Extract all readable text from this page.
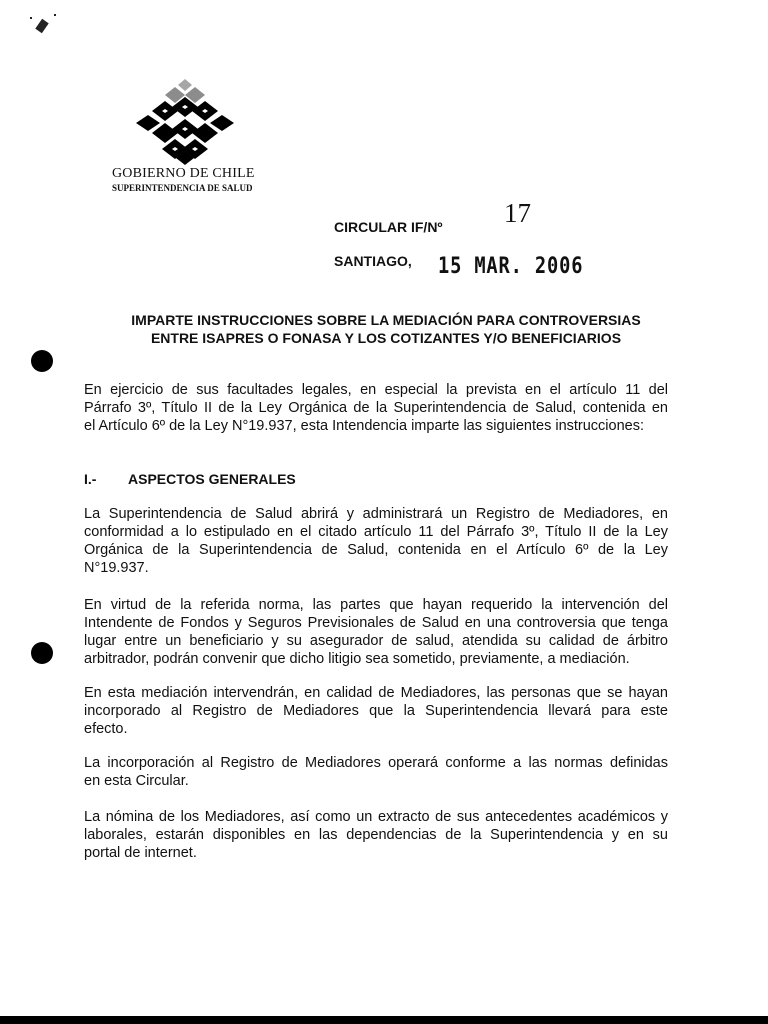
GOBIERNO DE CHILE
SUPERINTENDENCIA DE SALUD
CIRCULAR IF/Nº 17
SANTIAGO, 15 MAR. 2006
IMPARTE INSTRUCCIONES SOBRE LA MEDIACIÓN PARA CONTROVERSIAS
ENTRE ISAPRES O FONASA Y LOS COTIZANTES Y/O BENEFICIARIOS
En ejercicio de sus facultades legales, en especial la prevista en el artículo 11 del
Párrafo 3º, Título II de la Ley Orgánica de la Superintendencia de Salud, contenida en
el Artículo 6º de la Ley N°19.937, esta Intendencia imparte las siguientes instrucciones:
I.- ASPECTOS GENERALES
La Superintendencia de Salud abrirá y administrará un Registro de Mediadores, en
conformidad a lo estipulado en el citado artículo 11 del Párrafo 3º, Título II de la Ley
Orgánica de la Superintendencia de Salud, contenida en el Artículo 6º de la Ley
N°19.937.
En virtud de la referida norma, las partes que hayan requerido la intervención del
Intendente de Fondos y Seguros Previsionales de Salud en una controversia que tenga
lugar entre un beneficiario y su asegurador de salud, atendida su calidad de árbitro
arbitrador, podrán convenir que dicho litigio sea sometido, previamente, a mediación.
En esta mediación intervendrán, en calidad de Mediadores, las personas que se hayan
incorporado al Registro de Mediadores que la Superintendencia llevará para este
efecto.
La incorporación al Registro de Mediadores operará conforme a las normas definidas
en esta Circular.
La nómina de los Mediadores, así como un extracto de sus antecedentes académicos y
laborales, estarán disponibles en las dependencias de la Superintendencia y en su
portal de internet.
